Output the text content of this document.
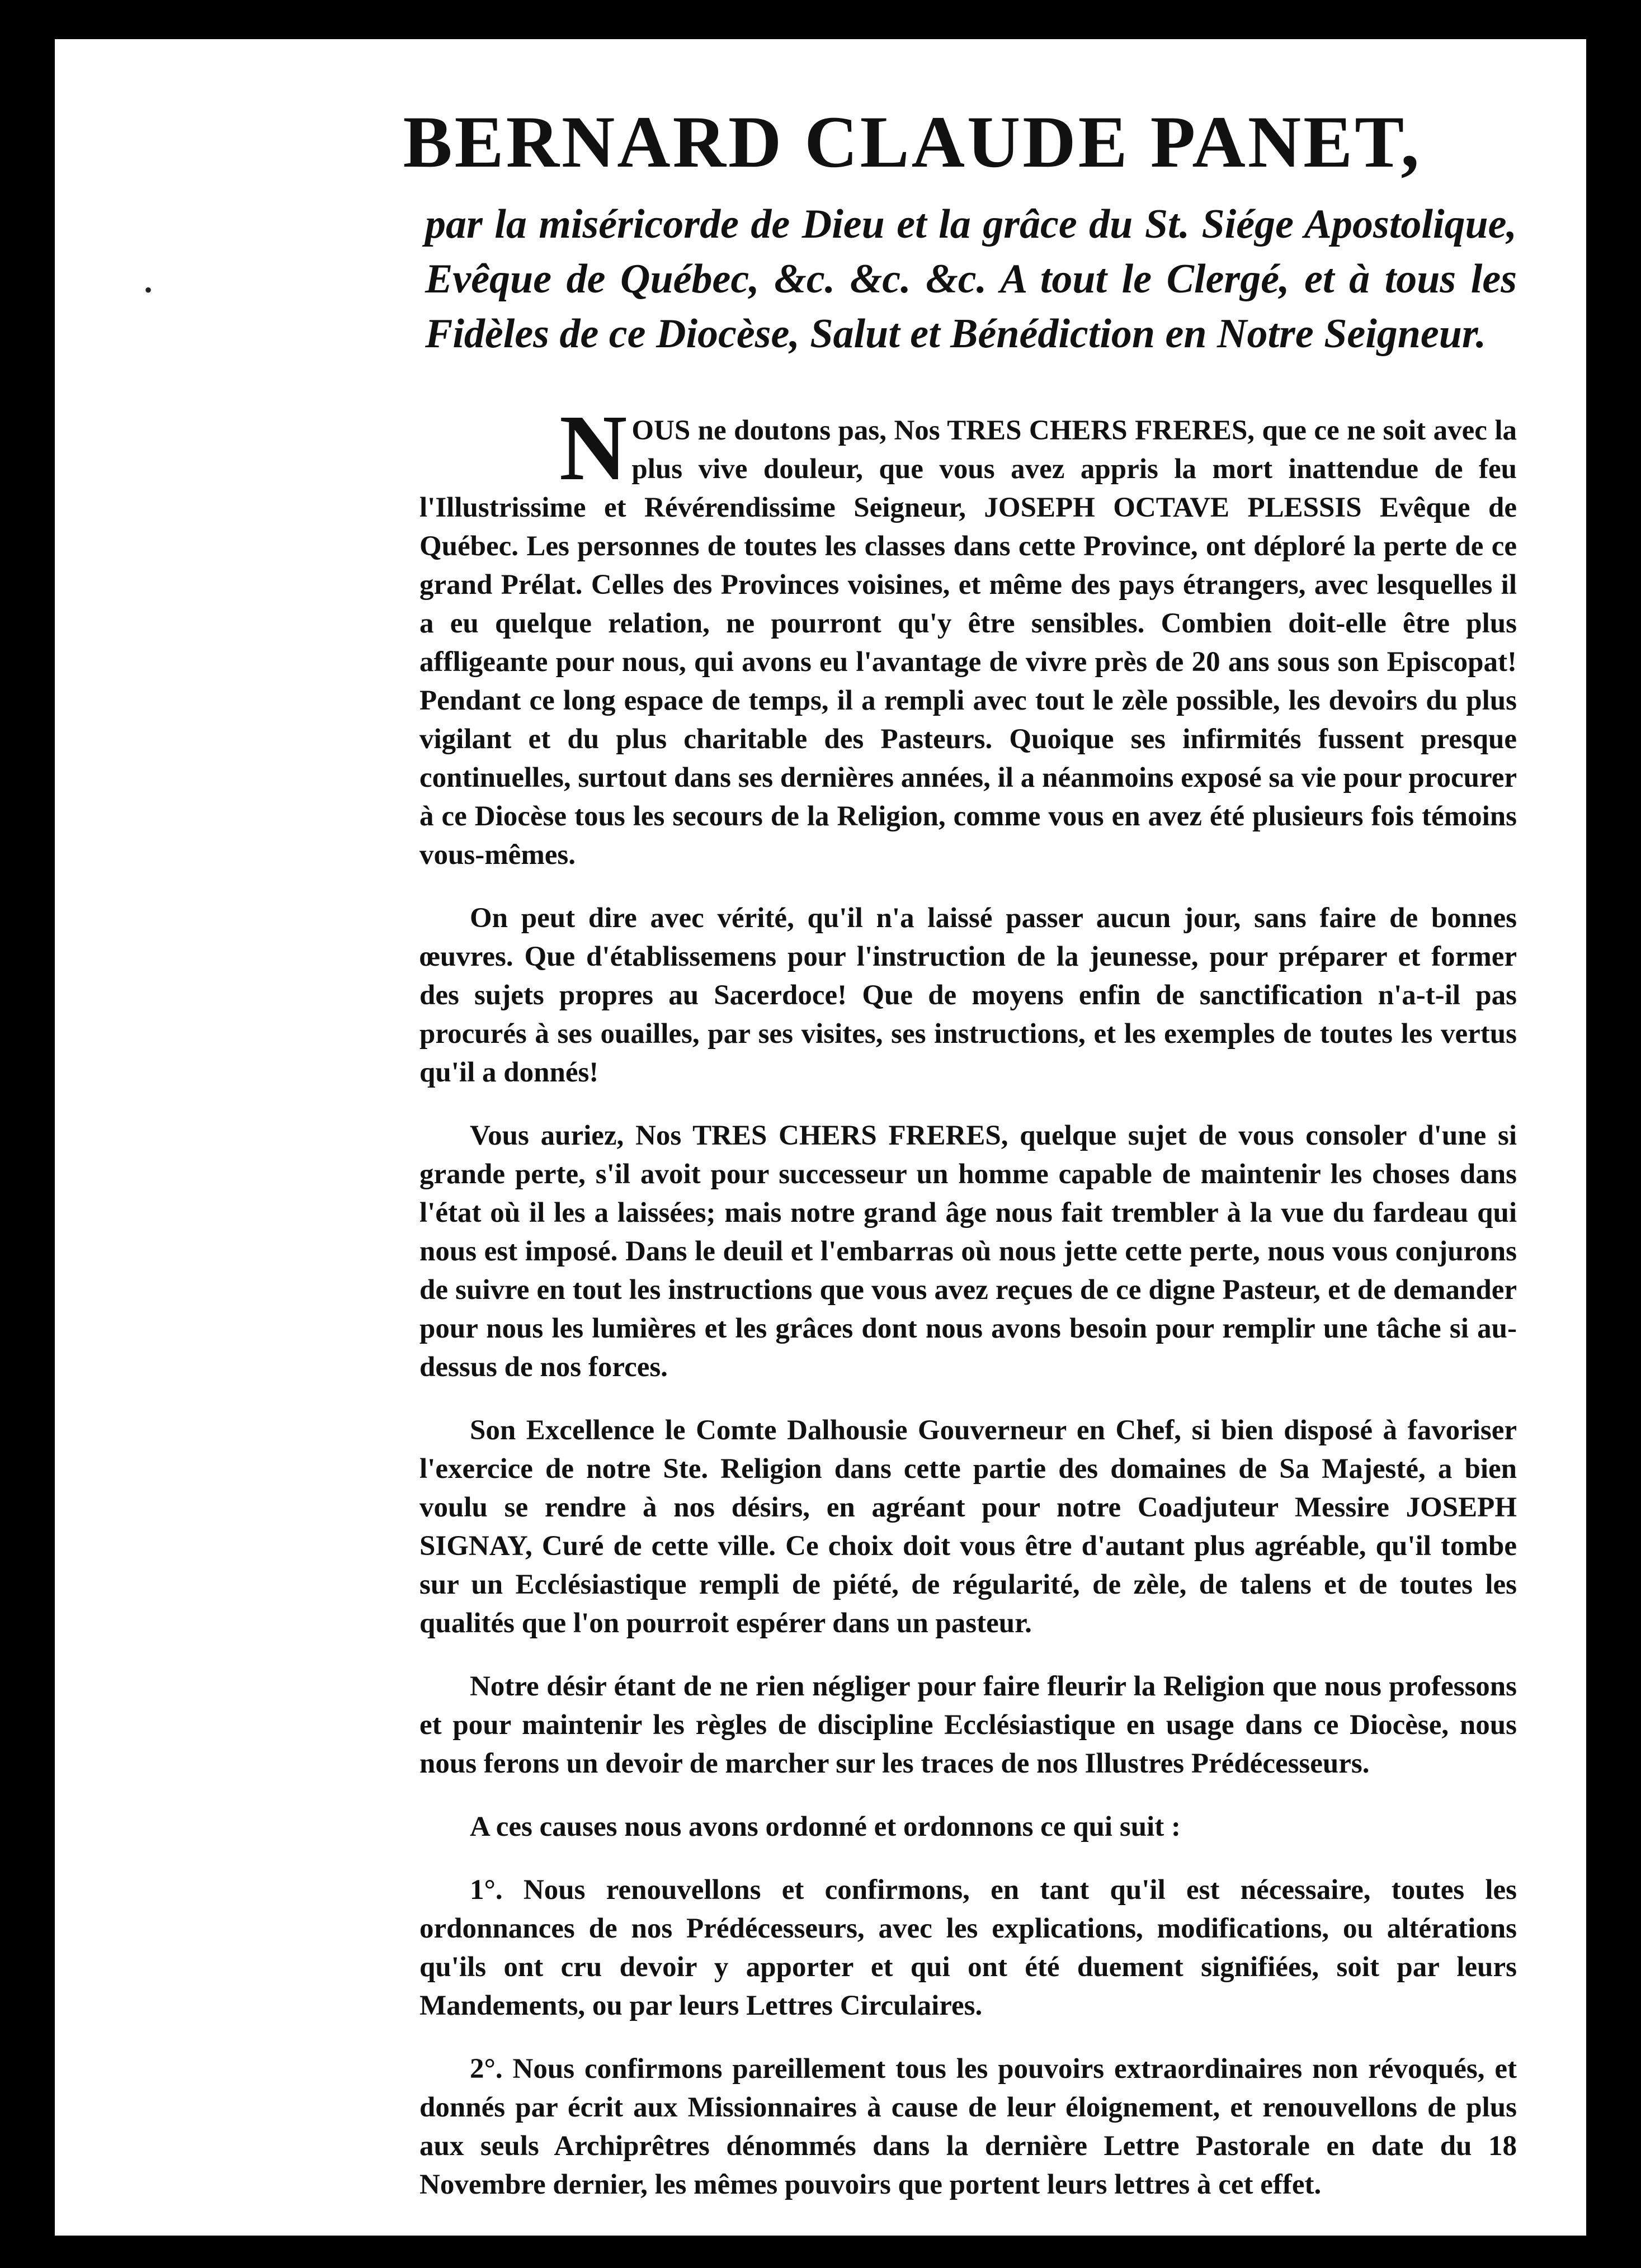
BERNARD CLAUDE PANET,
par la miséricorde de Dieu et la grâce du St. Siége Apostolique, Evêque de Québec, &c. &c. &c. A tout le Clergé, et à tous les Fidèles de ce Diocèse, Salut et Bénédiction en Notre Seigneur.

N OUS ne doutons pas, Nos TRES CHERS FRERES, que ce ne soit avec la plus vive douleur, que vous avez appris la mort inattendue de feu l'Illustrissime et Révérendissime Seigneur, JOSEPH OCTAVE PLESSIS Evêque de Québec. Les personnes de toutes les classes dans cette Province, ont déploré la perte de ce grand Prélat. Celles des Provinces voisines, et même des pays étrangers, avec lesquelles il a eu quelque relation, ne pourront qu'y être sensibles. Combien doit-elle être plus affligeante pour nous, qui avons eu l'avantage de vivre près de 20 ans sous son Episcopat! Pendant ce long espace de temps, il a rempli avec tout le zèle possible, les devoirs du plus vigilant et du plus charitable des Pasteurs. Quoique ses infirmités fussent presque continuelles, surtout dans ses dernières années, il a néanmoins exposé sa vie pour procurer à ce Diocèse tous les secours de la Religion, comme vous en avez été plusieurs fois témoins vous-mêmes.

On peut dire avec vérité, qu'il n'a laissé passer aucun jour, sans faire de bonnes œuvres. Que d'établissemens pour l'instruction de la jeunesse, pour préparer et former des sujets propres au Sacerdoce! Que de moyens enfin de sanctification n'a-t-il pas procurés à ses ouailles, par ses visites, ses instructions, et les exemples de toutes les vertus qu'il a donnés!

Vous auriez, Nos TRES CHERS FRERES, quelque sujet de vous consoler d'une si grande perte, s'il avoit pour successeur un homme capable de maintenir les choses dans l'état où il les a laissées; mais notre grand âge nous fait trembler à la vue du fardeau qui nous est imposé. Dans le deuil et l'embarras où nous jette cette perte, nous vous conjurons de suivre en tout les instructions que vous avez reçues de ce digne Pasteur, et de demander pour nous les lumières et les grâces dont nous avons besoin pour remplir une tâche si au-dessus de nos forces.

Son Excellence le Comte Dalhousie Gouverneur en Chef, si bien disposé à favoriser l'exercice de notre Ste. Religion dans cette partie des domaines de Sa Majesté, a bien voulu se rendre à nos désirs, en agréant pour notre Coadjuteur Messire JOSEPH SIGNAY, Curé de cette ville. Ce choix doit vous être d'autant plus agréable, qu'il tombe sur un Ecclésiastique rempli de piété, de régularité, de zèle, de talens et de toutes les qualités que l'on pourroit espérer dans un pasteur.

Notre désir étant de ne rien négliger pour faire fleurir la Religion que nous professons et pour maintenir les règles de discipline Ecclésiastique en usage dans ce Diocèse, nous nous ferons un devoir de marcher sur les traces de nos Illustres Prédécesseurs.

A ces causes nous avons ordonné et ordonnons ce qui suit :

1°. Nous renouvellons et confirmons, en tant qu'il est nécessaire, toutes les ordonnances de nos Prédécesseurs, avec les explications, modifications, ou altérations qu'ils ont cru devoir y apporter et qui ont été duement signifiées, soit par leurs Mandements, ou par leurs Lettres Circulaires.

2°. Nous confirmons pareillement tous les pouvoirs extraordinaires non révoqués, et donnés par écrit aux Missionnaires à cause de leur éloignement, et renouvellons de plus aux seuls Archiprêtres dénommés dans la dernière Lettre Pastorale en date du 18 Novembre dernier, les mêmes pouvoirs que portent leurs lettres à cet effet.

•
